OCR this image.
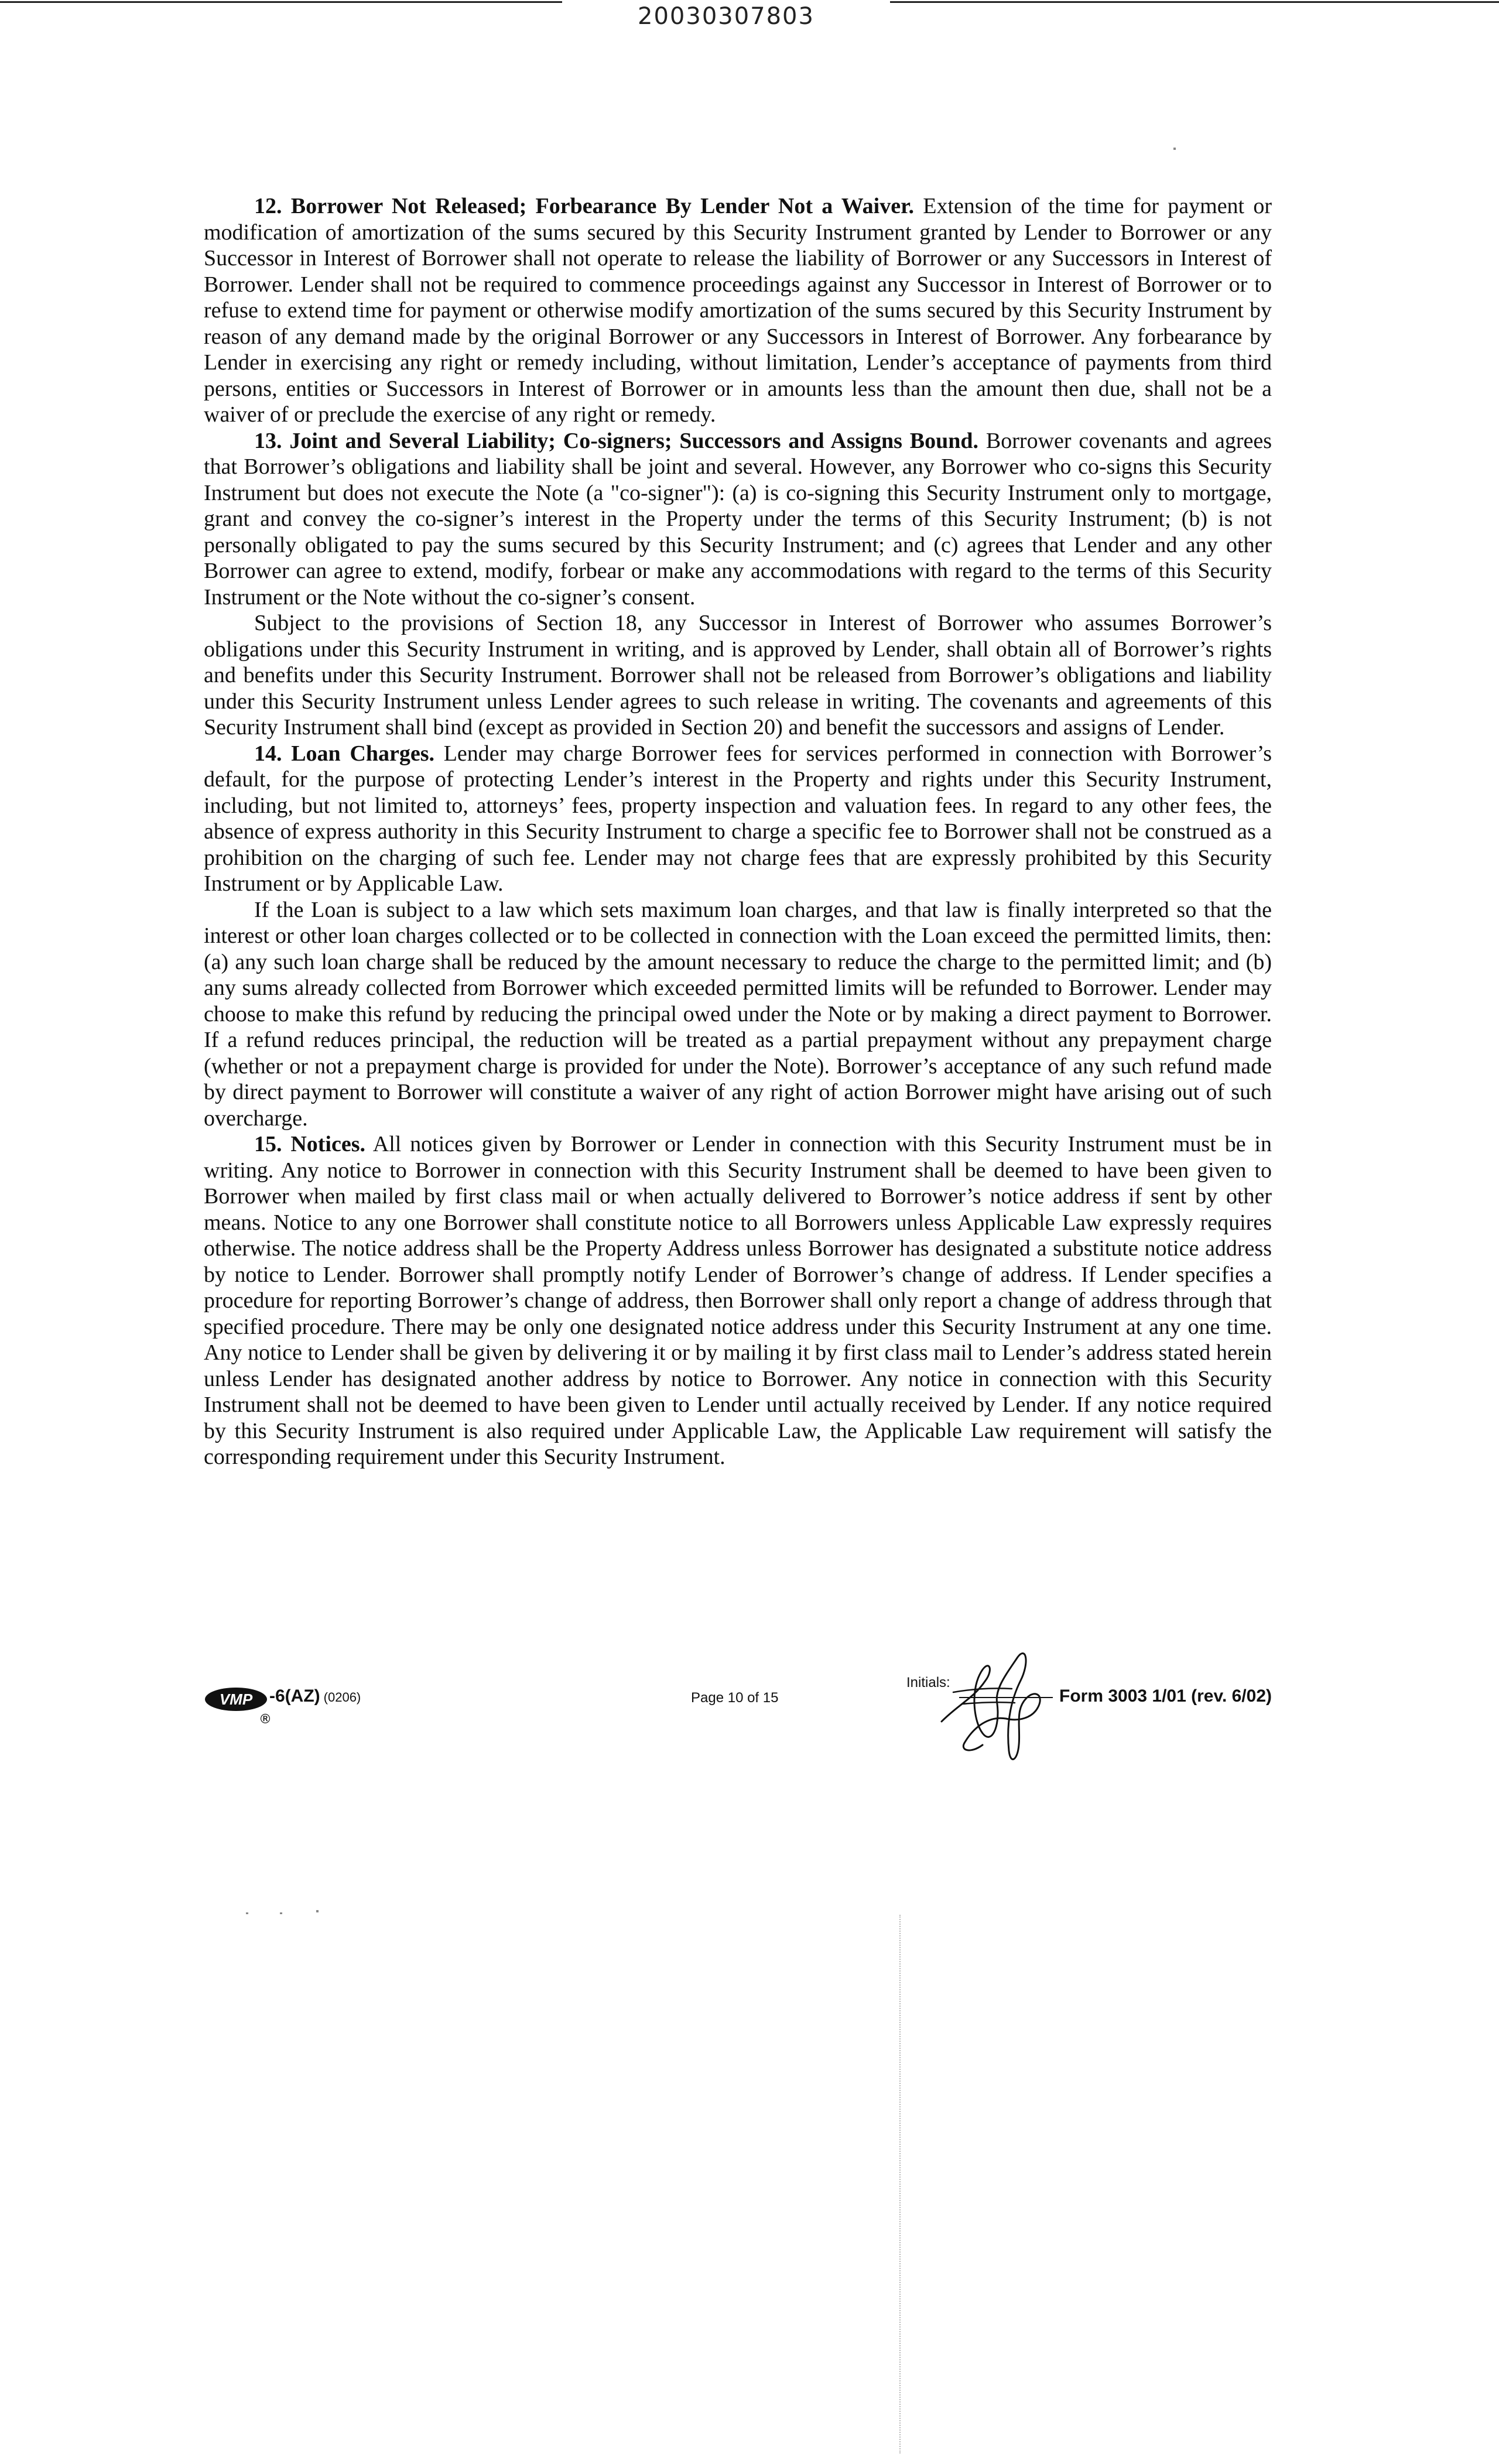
20030307803

12. Borrower Not Released; Forbearance By Lender Not a Waiver. Extension of the time for payment or modification of amortization of the sums secured by this Security Instrument granted by Lender to Borrower or any Successor in Interest of Borrower shall not operate to release the liability of Borrower or any Successors in Interest of Borrower. Lender shall not be required to commence proceedings against any Successor in Interest of Borrower or to refuse to extend time for payment or otherwise modify amortization of the sums secured by this Security Instrument by reason of any demand made by the original Borrower or any Successors in Interest of Borrower. Any forbearance by Lender in exercising any right or remedy including, without limitation, Lender’s acceptance of payments from third persons, entities or Successors in Interest of Borrower or in amounts less than the amount then due, shall not be a waiver of or preclude the exercise of any right or remedy.

13. Joint and Several Liability; Co-signers; Successors and Assigns Bound. Borrower covenants and agrees that Borrower’s obligations and liability shall be joint and several. However, any Borrower who co-signs this Security Instrument but does not execute the Note (a "co-signer"): (a) is co-signing this Security Instrument only to mortgage, grant and convey the co-signer’s interest in the Property under the terms of this Security Instrument; (b) is not personally obligated to pay the sums secured by this Security Instrument; and (c) agrees that Lender and any other Borrower can agree to extend, modify, forbear or make any accommodations with regard to the terms of this Security Instrument or the Note without the co-signer’s consent.

Subject to the provisions of Section 18, any Successor in Interest of Borrower who assumes Borrower’s obligations under this Security Instrument in writing, and is approved by Lender, shall obtain all of Borrower’s rights and benefits under this Security Instrument. Borrower shall not be released from Borrower’s obligations and liability under this Security Instrument unless Lender agrees to such release in writing. The covenants and agreements of this Security Instrument shall bind (except as provided in Section 20) and benefit the successors and assigns of Lender.

14. Loan Charges. Lender may charge Borrower fees for services performed in connection with Borrower’s default, for the purpose of protecting Lender’s interest in the Property and rights under this Security Instrument, including, but not limited to, attorneys’ fees, property inspection and valuation fees. In regard to any other fees, the absence of express authority in this Security Instrument to charge a specific fee to Borrower shall not be construed as a prohibition on the charging of such fee. Lender may not charge fees that are expressly prohibited by this Security Instrument or by Applicable Law.

If the Loan is subject to a law which sets maximum loan charges, and that law is finally interpreted so that the interest or other loan charges collected or to be collected in connection with the Loan exceed the permitted limits, then: (a) any such loan charge shall be reduced by the amount necessary to reduce the charge to the permitted limit; and (b) any sums already collected from Borrower which exceeded permitted limits will be refunded to Borrower. Lender may choose to make this refund by reducing the principal owed under the Note or by making a direct payment to Borrower. If a refund reduces principal, the reduction will be treated as a partial prepayment without any prepayment charge (whether or not a prepayment charge is provided for under the Note). Borrower’s acceptance of any such refund made by direct payment to Borrower will constitute a waiver of any right of action Borrower might have arising out of such overcharge.

15. Notices. All notices given by Borrower or Lender in connection with this Security Instrument must be in writing. Any notice to Borrower in connection with this Security Instrument shall be deemed to have been given to Borrower when mailed by first class mail or when actually delivered to Borrower’s notice address if sent by other means. Notice to any one Borrower shall constitute notice to all Borrowers unless Applicable Law expressly requires otherwise. The notice address shall be the Property Address unless Borrower has designated a substitute notice address by notice to Lender. Borrower shall promptly notify Lender of Borrower’s change of address. If Lender specifies a procedure for reporting Borrower’s change of address, then Borrower shall only report a change of address through that specified procedure. There may be only one designated notice address under this Security Instrument at any one time. Any notice to Lender shall be given by delivering it or by mailing it by first class mail to Lender’s address stated herein unless Lender has designated another address by notice to Borrower. Any notice in connection with this Security Instrument shall not be deemed to have been given to Lender until actually received by Lender. If any notice required by this Security Instrument is also required under Applicable Law, the Applicable Law requirement will satisfy the corresponding requirement under this Security Instrument.

VMP
®
-6(AZ) (0206)	Page 10 of 15
Initials:
Form 3003 1/01 (rev. 6/02)
